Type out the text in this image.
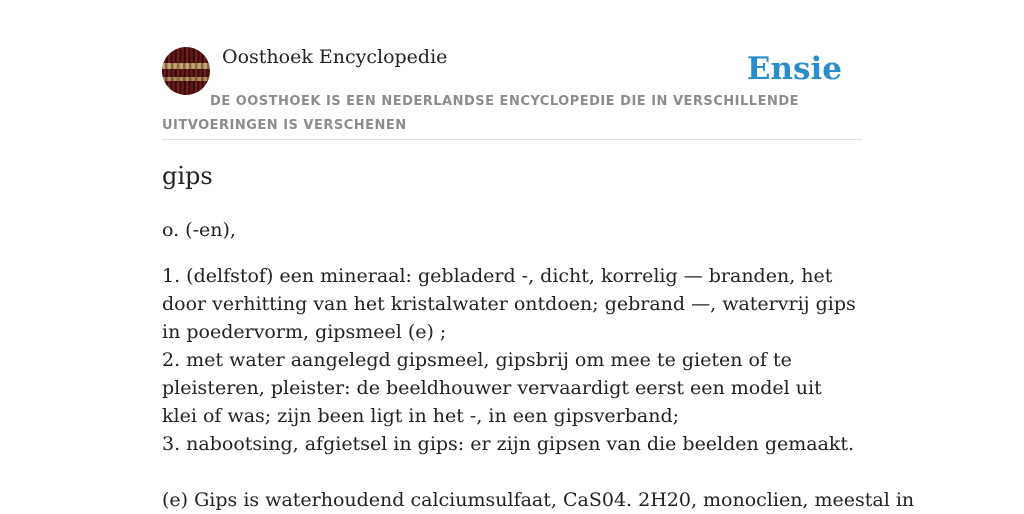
Oosthoek Encyclopedie	Ensie
DE OOSTHOEK IS EEN NEDERLANDSE ENCYCLOPEDIE DIE IN VERSCHILLENDE UITVOERINGEN IS VERSCHENEN
gips

o. (-en),

1. (delfstof) een mineraal: gebladerd -, dicht, korrelig — branden, het door verhitting van het kristalwater ontdoen; gebrand —, watervrij gips in poedervorm, gipsmeel (e) ;
2. met water aangelegd gipsmeel, gipsbrij om mee te gieten of te pleisteren, pleister: de beeldhouwer vervaardigt eerst een model uit klei of was; zijn been ligt in het -, in een gipsverband;
3. nabootsing, afgietsel in gips: er zijn gipsen van die beelden gemaakt.

(e) Gips is waterhoudend calciumsulfaat, CaS04. 2H20, monoclien, meestal in
